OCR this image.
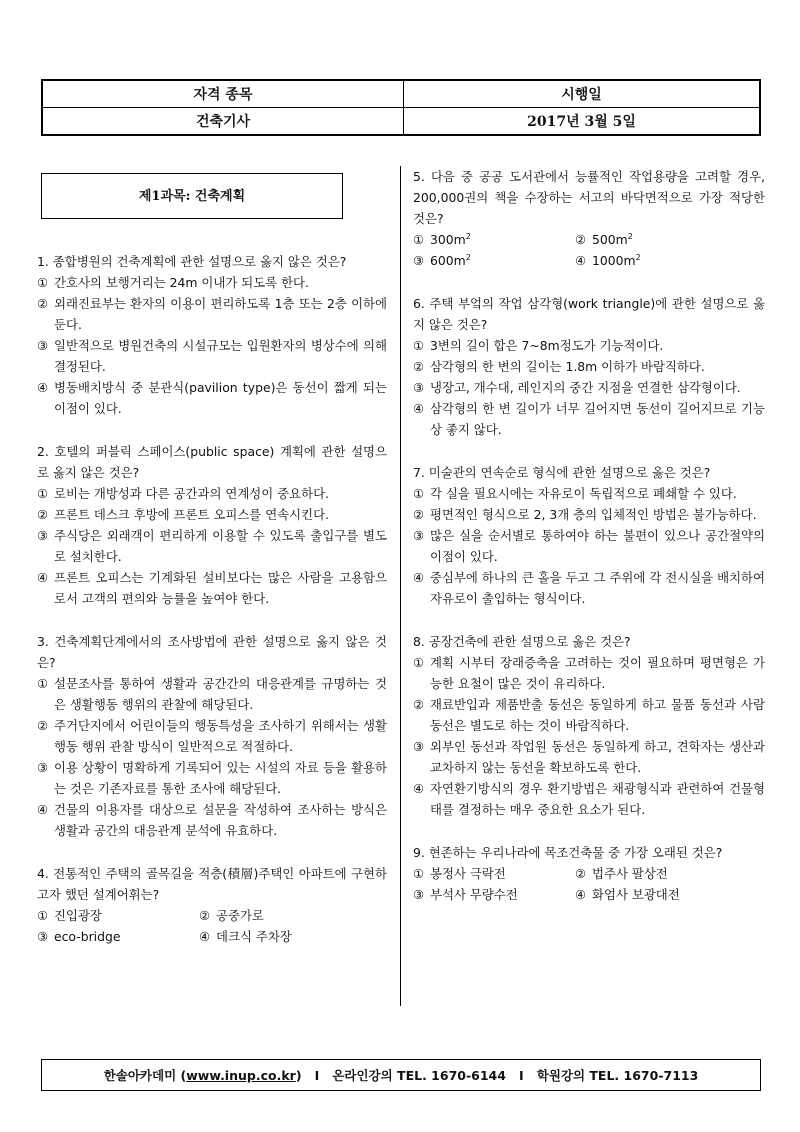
자격 종목	시행일
건축기사	2017년 3월 5일
제1과목: 건축계획
1. 종합병원의 건축계획에 관한 설명으로 옳지 않은 것은?
① 간호사의 보행거리는 24m 이내가 되도록 한다.
② 외래진료부는 환자의 이용이 편리하도록 1층 또는 2층 이하에 둔다.
③ 일반적으로 병원건축의 시설규모는 입원환자의 병상수에 의해 결정된다.
④ 병동배치방식 중 분관식(pavilion type)은 동선이 짧게 되는 이점이 있다.
2. 호텔의 퍼블릭 스페이스(public space) 계획에 관한 설명으로 옳지 않은 것은?
① 로비는 개방성과 다른 공간과의 연계성이 중요하다.
② 프론트 데스크 후방에 프론트 오피스를 연속시킨다.
③ 주식당은 외래객이 편리하게 이용할 수 있도록 출입구를 별도로 설치한다.
④ 프론트 오피스는 기계화된 설비보다는 많은 사람을 고용함으로서 고객의 편의와 능률을 높여야 한다.
3. 건축계획단계에서의 조사방법에 관한 설명으로 옳지 않은 것은?
① 설문조사를 통하여 생활과 공간간의 대응관계를 규명하는 것은 생활행동 행위의 관찰에 해당된다.
② 주거단지에서 어린이들의 행동특성을 조사하기 위해서는 생활행동 행위 관찰 방식이 일반적으로 적절하다.
③ 이용 상황이 명확하게 기록되어 있는 시설의 자료 등을 활용하는 것은 기존자료를 통한 조사에 해당된다.
④ 건물의 이용자를 대상으로 설문을 작성하여 조사하는 방식은 생활과 공간의 대응관계 분석에 유효하다.
4. 전통적인 주택의 골목길을 적층(積層)주택인 아파트에 구현하고자 했던 설계어휘는?
① 진입광장	② 공중가로
③ eco-bridge	④ 데크식 주차장
5. 다음 중 공공 도서관에서 능률적인 작업용량을 고려할 경우, 200,000권의 책을 수장하는 서고의 바닥면적으로 가장 적당한 것은?
① $300m^2$	② $500m^2$
③ $600m^2$	④ $1000m^2$
6. 주택 부엌의 작업 삼각형(work triangle)에 관한 설명으로 옳지 않은 것은?
① 3변의 길이 합은 7~8m정도가 기능적이다.
② 삼각형의 한 변의 길이는 1.8m 이하가 바람직하다.
③ 냉장고, 개수대, 레인지의 중간 지점을 연결한 삼각형이다.
④ 삼각형의 한 변 길이가 너무 길어지면 동선이 길어지므로 기능상 좋지 않다.
7. 미술관의 연속순로 형식에 관한 설명으로 옳은 것은?
① 각 실을 필요시에는 자유로이 독립적으로 폐쇄할 수 있다.
② 평면적인 형식으로 2, 3개 층의 입체적인 방법은 불가능하다.
③ 많은 실을 순서별로 통하여야 하는 불편이 있으나 공간절약의 이점이 있다.
④ 중심부에 하나의 큰 홀을 두고 그 주위에 각 전시실을 배치하여 자유로이 출입하는 형식이다.
8. 공장건축에 관한 설명으로 옳은 것은?
① 계획 시부터 장래증축을 고려하는 것이 필요하며 평면형은 가능한 요철이 많은 것이 유리하다.
② 재료반입과 제품반출 동선은 동일하게 하고 물품 동선과 사람 동선은 별도로 하는 것이 바람직하다.
③ 외부인 동선과 작업원 동선은 동일하게 하고, 견학자는 생산과 교차하지 않는 동선을 확보하도록 한다.
④ 자연환기방식의 경우 환기방법은 채광형식과 관련하여 건물형태를 결정하는 매우 중요한 요소가 된다.
9. 현존하는 우리나라에 목조건축물 중 가장 오래된 것은?
① 봉정사 극락전	② 법주사 팔상전
③ 부석사 무량수전	④ 화엄사 보광대전
한솔아카데미 ( www.inup.co.kr ) I
온라인강의 TEL. 1670-6144
I
학원강의 TEL. 1670-7113
